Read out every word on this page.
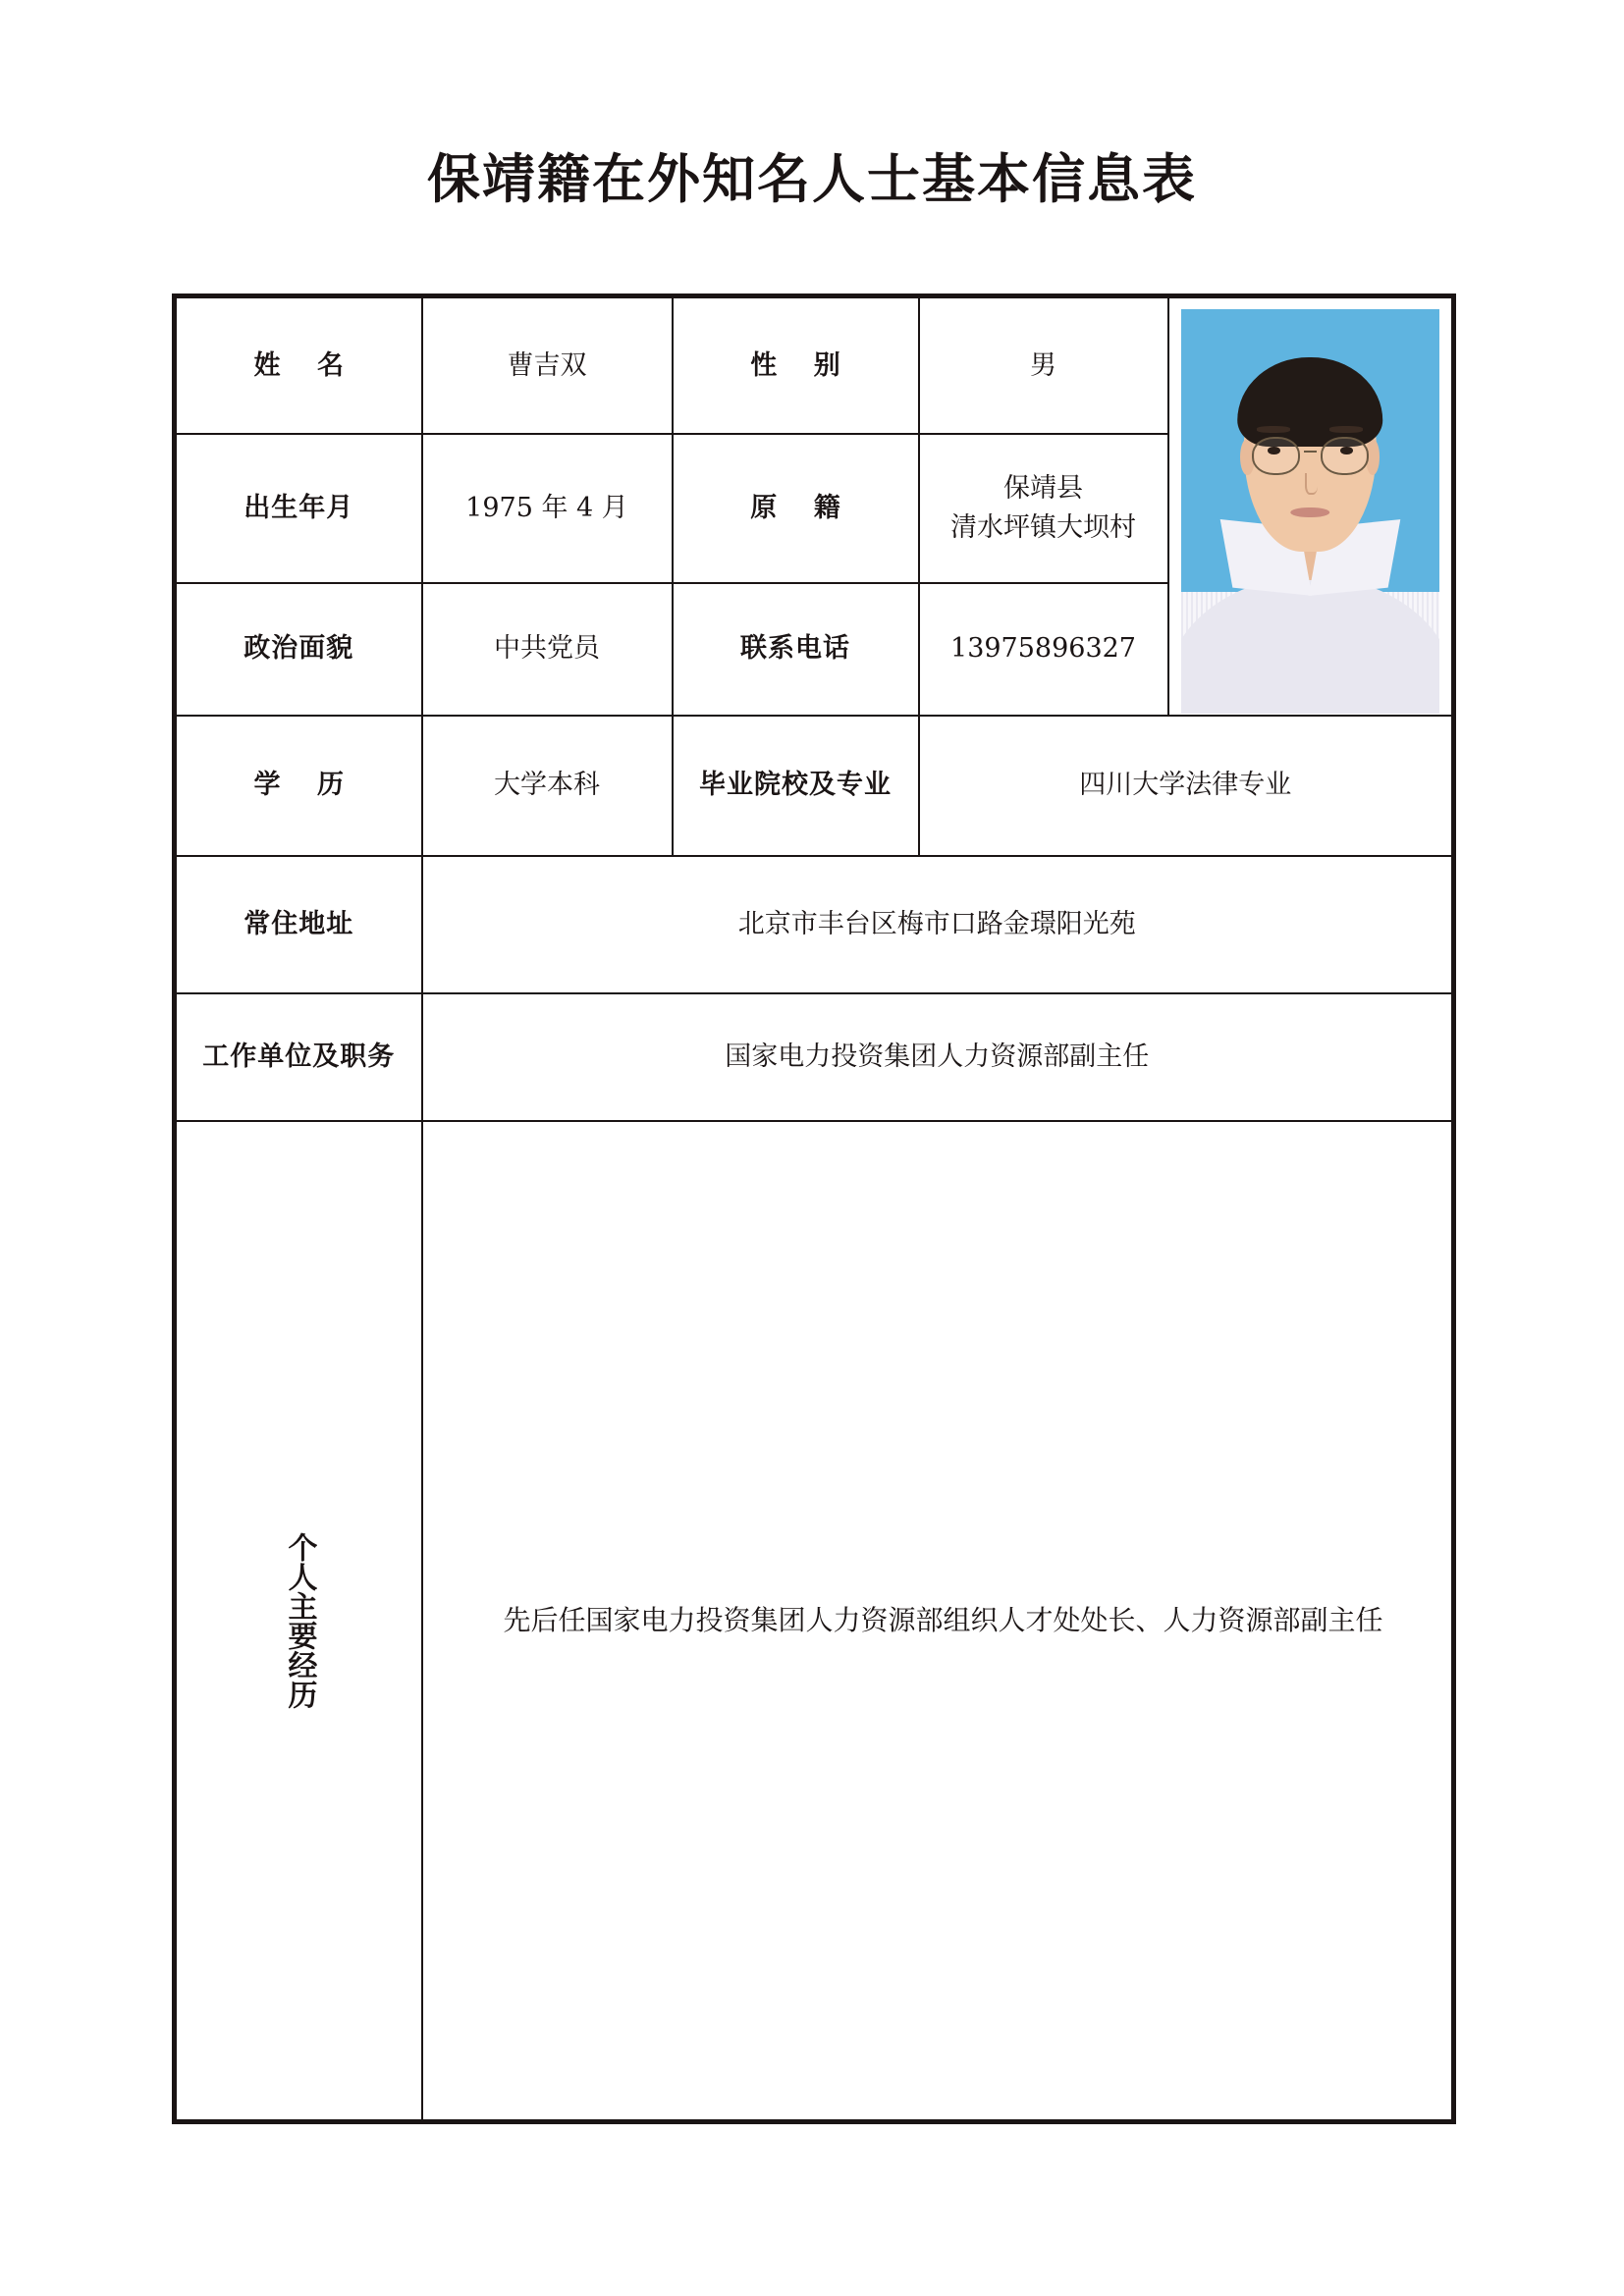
保靖籍在外知名人士基本信息表
姓 名	曹吉双	性 别	男	

出生年月	1975 年 4 月	原 籍	保靖县
清水坪镇大坝村	

政治面貌	中共党员	联系电话	13975896327	
学 历	大学本科	毕业院校及专业	四川大学法律专业	
常住地址	北京市丰台区梅市口路金璟阳光苑			
工作单位及职务	国家电力投资集团人力资源部副主任			

个人主要经历	先后任国家电力投资集团人力资源部组织人才处处长、人力资源部副主任			
